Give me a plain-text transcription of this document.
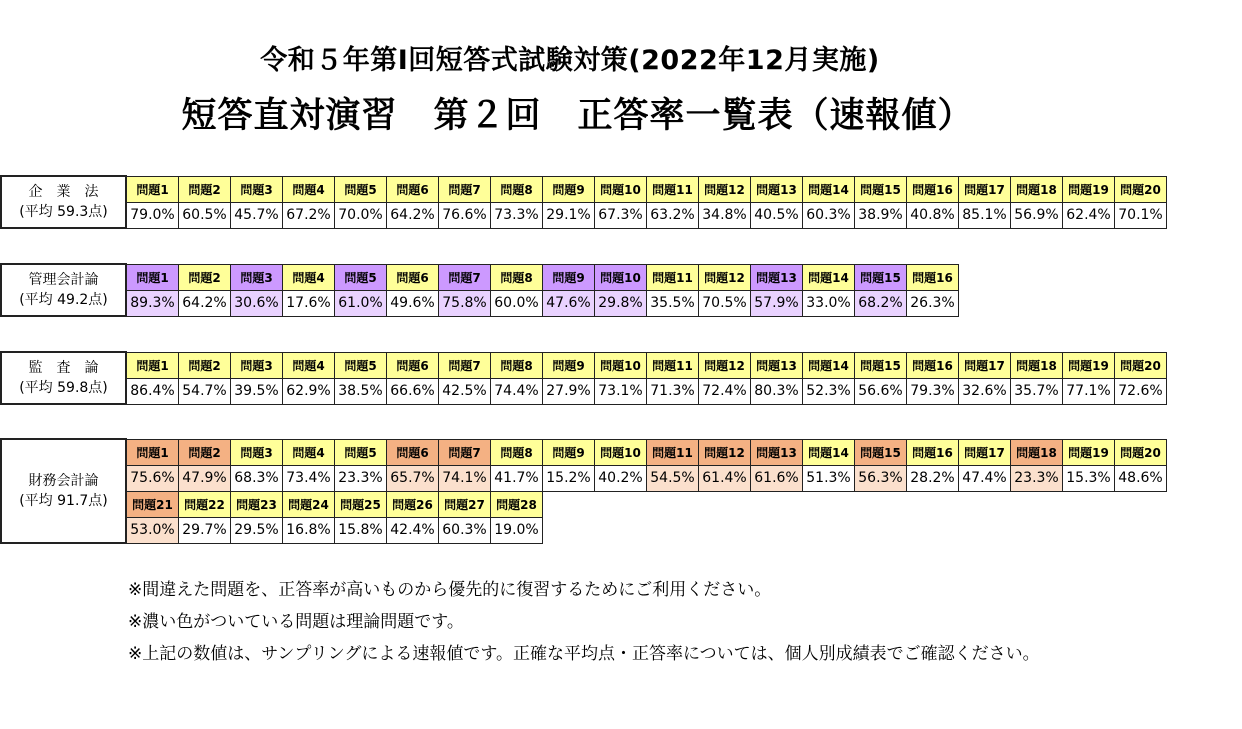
令和５年第Ⅰ回短答式試験対策(2022年12月実施)
短答直対演習　第２回　正答率一覧表（速報値）
企　業　法
(平均 59.3点)	問題1	問題2	問題3	問題4	問題5	問題6	問題7	問題8	問題9	問題10	問題11	問題12	問題13	問題14	問題15	問題16	問題17	問題18	問題19	問題20
	79.0%	60.5%	45.7%	67.2%	70.0%	64.2%	76.6%	73.3%	29.1%	67.3%	63.2%	34.8%	40.5%	60.3%	38.9%	40.8%	85.1%	56.9%	62.4%	70.1%
管理会計論
(平均 49.2点)	問題1	問題2	問題3	問題4	問題5	問題6	問題7	問題8	問題9	問題10	問題11	問題12	問題13	問題14	問題15	問題16
	89.3%	64.2%	30.6%	17.6%	61.0%	49.6%	75.8%	60.0%	47.6%	29.8%	35.5%	70.5%	57.9%	33.0%	68.2%	26.3%
監　査　論
(平均 59.8点)	問題1	問題2	問題3	問題4	問題5	問題6	問題7	問題8	問題9	問題10	問題11	問題12	問題13	問題14	問題15	問題16	問題17	問題18	問題19	問題20
	86.4%	54.7%	39.5%	62.9%	38.5%	66.6%	42.5%	74.4%	27.9%	73.1%	71.3%	72.4%	80.3%	52.3%	56.6%	79.3%	32.6%	35.7%	77.1%	72.6%
財務会計論
(平均 91.7点)	問題1	問題2	問題3	問題4	問題5	問題6	問題7	問題8	問題9	問題10	問題11	問題12	問題13	問題14	問題15	問題16	問題17	問題18	問題19	問題20
	75.6%	47.9%	68.3%	73.4%	23.3%	65.7%	74.1%	41.7%	15.2%	40.2%	54.5%	61.4%	61.6%	51.3%	56.3%	28.2%	47.4%	23.3%	15.3%	48.6%
	問題21	問題22	問題23	問題24	問題25	問題26	問題27	問題28												
	53.0%	29.7%	29.5%	16.8%	15.8%	42.4%	60.3%	19.0%												
※間違えた問題を、正答率が高いものから優先的に復習するためにご利用ください。
※濃い色がついている問題は理論問題です。
※上記の数値は、サンプリングによる速報値です。正確な平均点・正答率については、個人別成績表でご確認ください。
